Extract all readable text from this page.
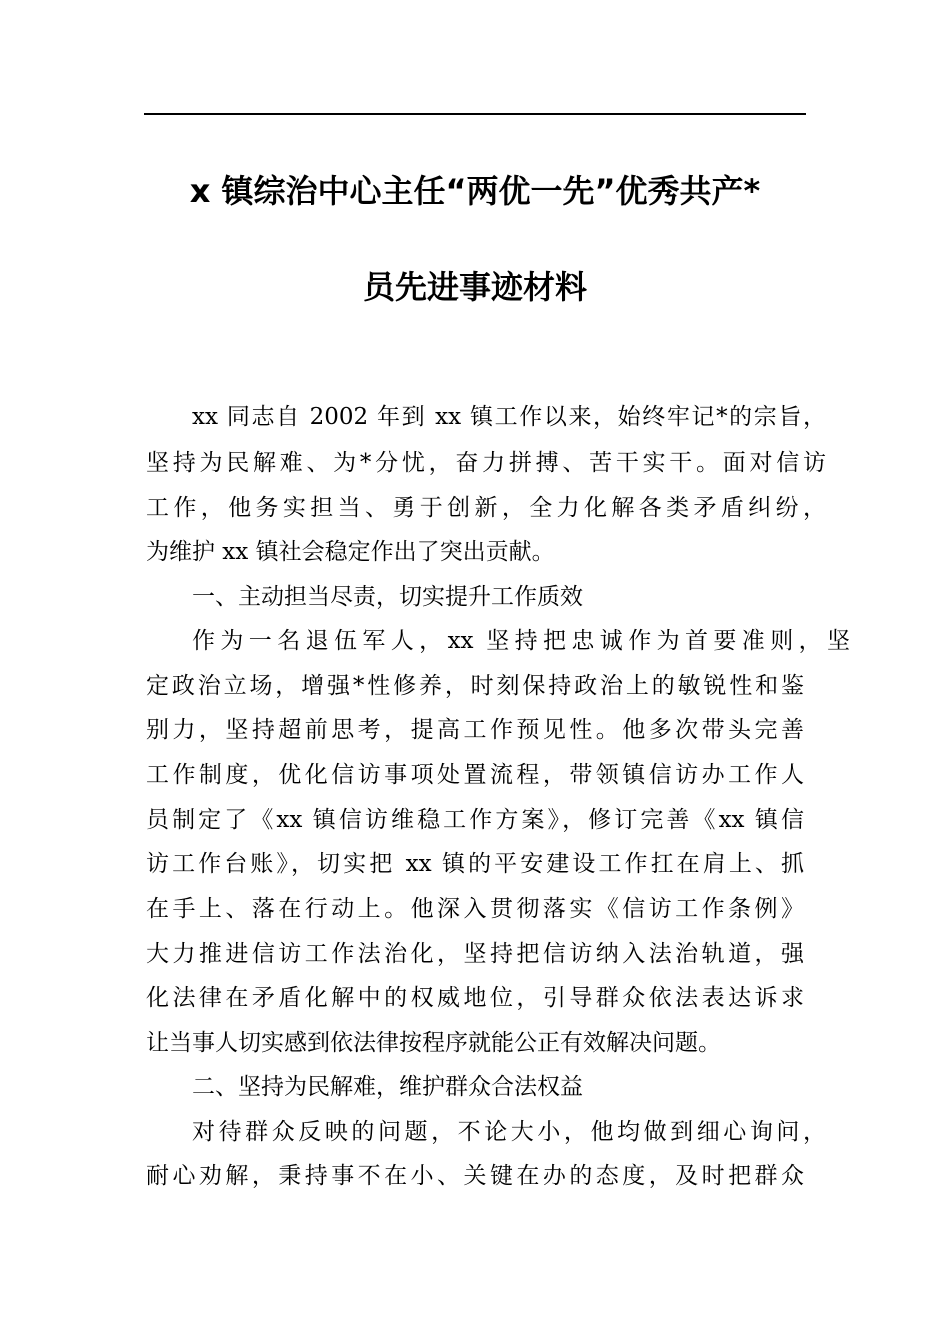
x 镇综治中心主任“两优一先”优秀共产*
员先进事迹材料
xx 同志自 2002 年到 xx 镇工作以来，始终牢记*的宗旨，
坚持为民解难、为*分忧，奋力拼搏、苦干实干。面对信访
工作，他务实担当、勇于创新，全力化解各类矛盾纠纷，
为维护 xx 镇社会稳定作出了突出贡献。
一、主动担当尽责，切实提升工作质效
作为一名退伍军人，xx 坚持把忠诚作为首要准则，坚
定政治立场，增强*性修养，时刻保持政治上的敏锐性和鉴
别力，坚持超前思考，提高工作预见性。他多次带头完善
工作制度，优化信访事项处置流程，带领镇信访办工作人
员制定了《xx 镇信访维稳工作方案》，修订完善《xx 镇信
访工作台账》，切实把 xx 镇的平安建设工作扛在肩上、抓
在手上、落在行动上。他深入贯彻落实《信访工作条例》
大力推进信访工作法治化，坚持把信访纳入法治轨道，强
化法律在矛盾化解中的权威地位，引导群众依法表达诉求
让当事人切实感到依法律按程序就能公正有效解决问题。
二、坚持为民解难，维护群众合法权益
对待群众反映的问题，不论大小，他均做到细心询问，
耐心劝解，秉持事不在小、关键在办的态度，及时把群众
